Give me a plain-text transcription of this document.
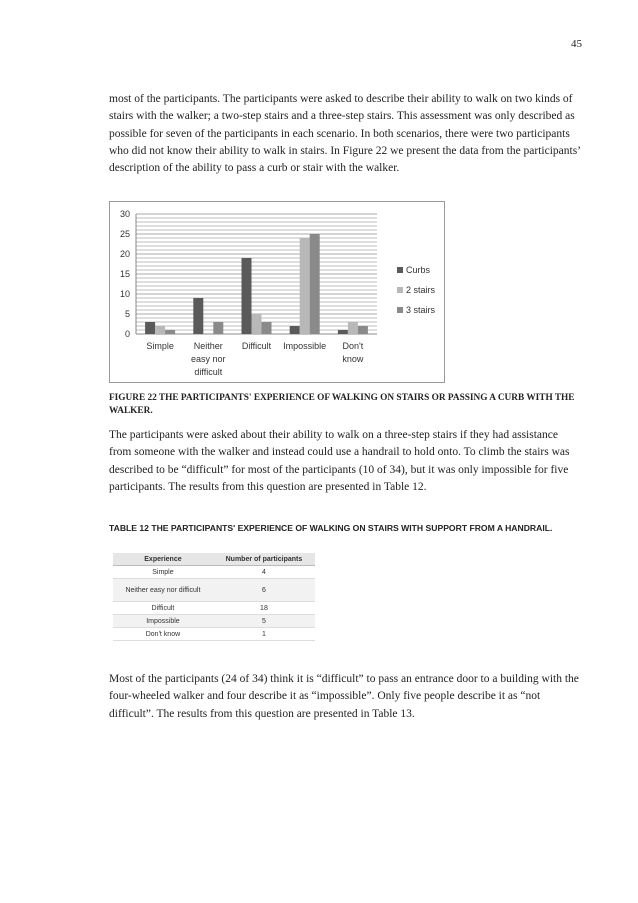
45

most of the participants. The participants were asked to describe their ability to walk on two kinds of stairs with the walker; a two-step stairs and a three-step stairs. This assessment was only described as possible for seven of the participants in each scenario. In both scenarios, there were two participants who did not know their ability to walk in stairs. In Figure 22 we present the data from the participants’ description of the ability to pass a curb or stair with the walker.

0
5
10
15
20
25
30
Simple	Neither easy nor difficult
Difficult Impossible Don't know
Curbs
2 stairs
3 stairs
FIGURE 22 THE PARTICIPANTS' EXPERIENCE OF WALKING ON STAIRS OR PASSING A CURB WITH THE WALKER.

The participants were asked about their ability to walk on a three-step stairs if they had assistance from someone with the walker and instead could use a handrail to hold onto. To climb the stairs was described to be “difficult” for most of the participants (10 of 34), but it was only impossible for five participants. The results from this question are presented in Table 12.

TABLE 12 THE PARTICIPANTS' EXPERIENCE OF WALKING ON STAIRS WITH SUPPORT FROM A HANDRAIL.
Experience	Number of participants
Simple	4
Neither easy nor difficult	6
Difficult	18
Impossible	5
Don't know	1

Most of the participants (24 of 34) think it is “difficult” to pass an entrance door to a building with the four-wheeled walker and four describe it as “impossible”. Only five people describe it as “not difficult”. The results from this question are presented in Table 13.
